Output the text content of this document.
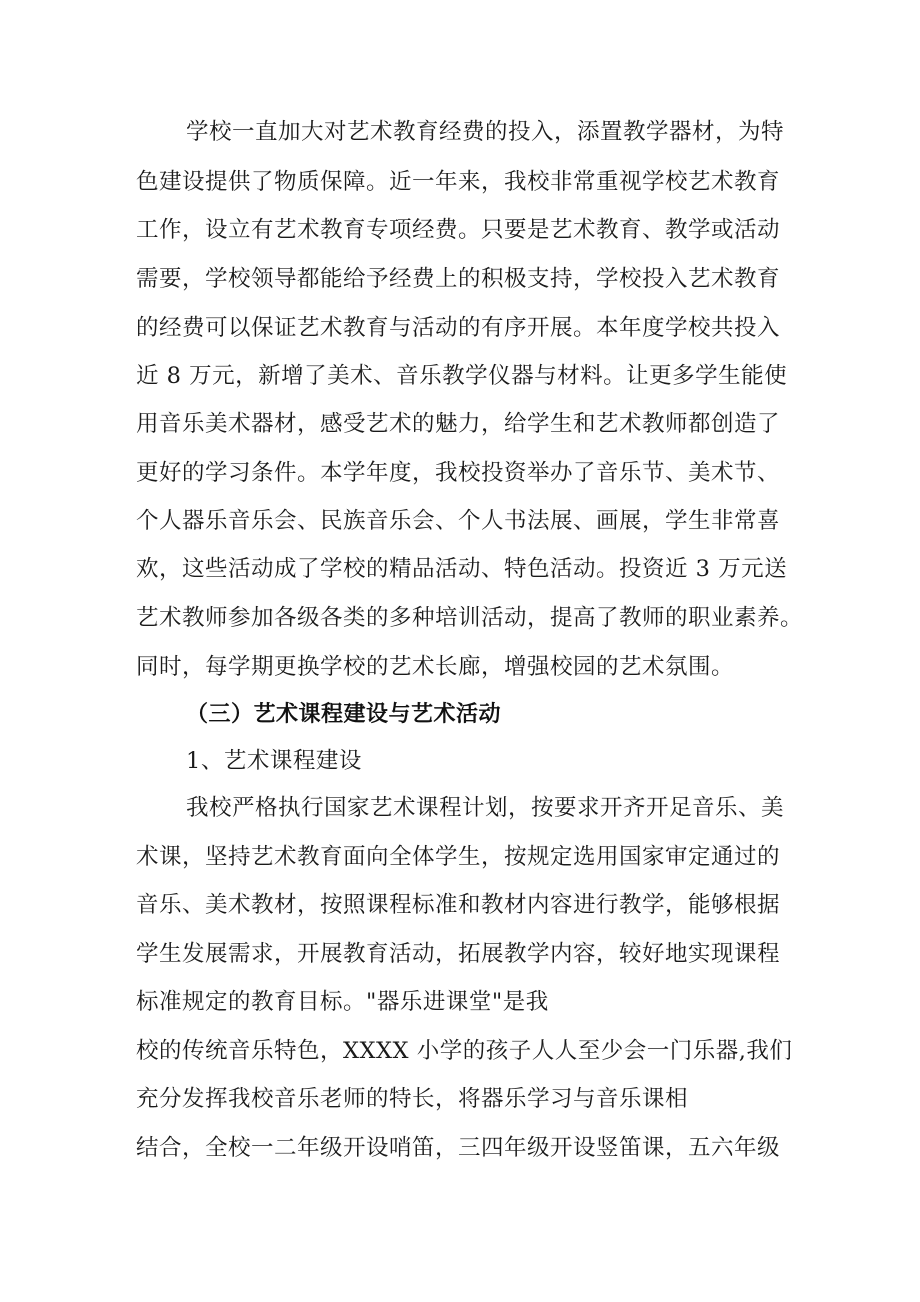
学校一直加大对艺术教育经费的投入，添置教学器材，为特
色建设提供了物质保障。近一年来，我校非常重视学校艺术教育
工作，设立有艺术教育专项经费。只要是艺术教育、教学或活动
需要，学校领导都能给予经费上的积极支持，学校投入艺术教育
的经费可以保证艺术教育与活动的有序开展。本年度学校共投入
近 8 万元，新增了美术、音乐教学仪器与材料。让更多学生能使
用音乐美术器材，感受艺术的魅力，给学生和艺术教师都创造了
更好的学习条件。本学年度，我校投资举办了音乐节、美术节、
个人器乐音乐会、民族音乐会、个人书法展、画展，学生非常喜
欢，这些活动成了学校的精品活动、特色活动。投资近 3 万元送
艺术教师参加各级各类的多种培训活动，提高了教师的职业素养。
同时，每学期更换学校的艺术长廊，增强校园的艺术氛围。
（三）艺术课程建设与艺术活动
1、艺术课程建设
我校严格执行国家艺术课程计划，按要求开齐开足音乐、美
术课，坚持艺术教育面向全体学生，按规定选用国家审定通过的
音乐、美术教材，按照课程标准和教材内容进行教学，能够根据
学生发展需求，开展教育活动，拓展教学内容，较好地实现课程
标准规定的教育目标。"器乐进课堂"是我
校的传统音乐特色，XXXX 小学的孩子人人至少会一门乐器,我们
充分发挥我校音乐老师的特长，将器乐学习与音乐课相
结合，全校一二年级开设哨笛，三四年级开设竖笛课，五六年级
